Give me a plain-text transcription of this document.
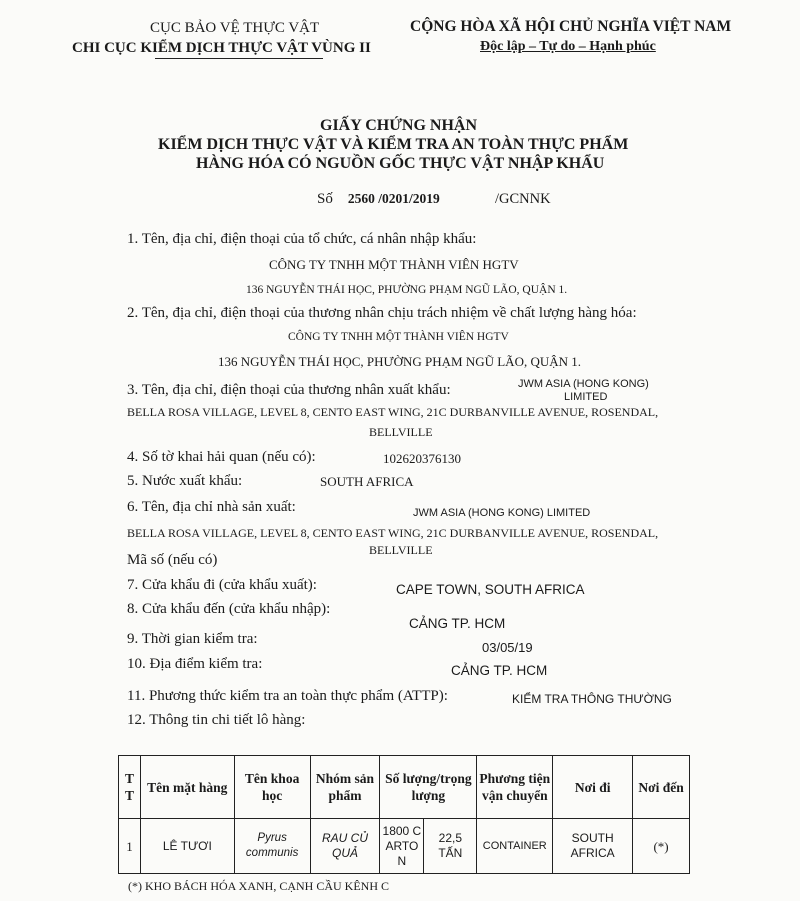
CỤC BẢO VỆ THỰC VẬT
CHI CỤC KIỂM DỊCH THỰC VẬT VÙNG II
CỘNG HÒA XÃ HỘI CHỦ NGHĨA VIỆT NAM
Độc lập – Tự do – Hạnh phúc
GIẤY CHỨNG NHẬN
KIỂM DỊCH THỰC VẬT VÀ KIỂM TRA AN TOÀN THỰC PHẨM
HÀNG HÓA CÓ NGUỒN GỐC THỰC VẬT NHẬP KHẨU
Số 2560 /0201/2019	/GCNNK
1. Tên, địa chỉ, điện thoại của tổ chức, cá nhân nhập khẩu:
CÔNG TY TNHH MỘT THÀNH VIÊN HGTV
136 NGUYỄN THÁI HỌC, PHƯỜNG PHẠM NGŨ LÃO, QUẬN 1.
2. Tên, địa chỉ, điện thoại của thương nhân chịu trách nhiệm về chất lượng hàng hóa:
CÔNG TY TNHH MỘT THÀNH VIÊN HGTV
136 NGUYỄN THÁI HỌC, PHƯỜNG PHẠM NGŨ LÃO, QUẬN 1.
3. Tên, địa chỉ, điện thoại của thương nhân xuất khẩu:	JWM ASIA (HONG KONG)
LIMITED
BELLA ROSA VILLAGE, LEVEL 8, CENTO EAST WING, 21C DURBANVILLE AVENUE, ROSENDAL,
BELLVILLE
4. Số tờ khai hải quan (nếu có):	102620376130
5. Nước xuất khẩu:	SOUTH AFRICA
6. Tên, địa chỉ nhà sản xuất:	JWM ASIA (HONG KONG) LIMITED
BELLA ROSA VILLAGE, LEVEL 8, CENTO EAST WING, 21C DURBANVILLE AVENUE, ROSENDAL,
BELLVILLE
Mã số (nếu có)
7. Cửa khẩu đi (cửa khẩu xuất):	CAPE TOWN, SOUTH AFRICA
8. Cửa khẩu đến (cửa khẩu nhập):
CẢNG TP. HCM
9. Thời gian kiểm tra:
03/05/19
10. Địa điểm kiểm tra:	CẢNG TP. HCM
11. Phương thức kiểm tra an toàn thực phẩm (ATTP):	KIỂM TRA THÔNG THƯỜNG
12. Thông tin chi tiết lô hàng:
TT	Tên mặt hàng	Tên khoa học	Nhóm sản phẩm	Số lượng/trọng lượng		Phương tiện vận chuyển	Nơi đi	Nơi đến
1	LÊ TƯƠI	Pyrus communis	RAU CỦ QUẢ	1800 CARTON	22,5 TẤN	CONTAINER	SOUTH AFRICA	(*)
(*) KHO BÁCH HÓA XANH, CẠNH CẦU KÊNH C
